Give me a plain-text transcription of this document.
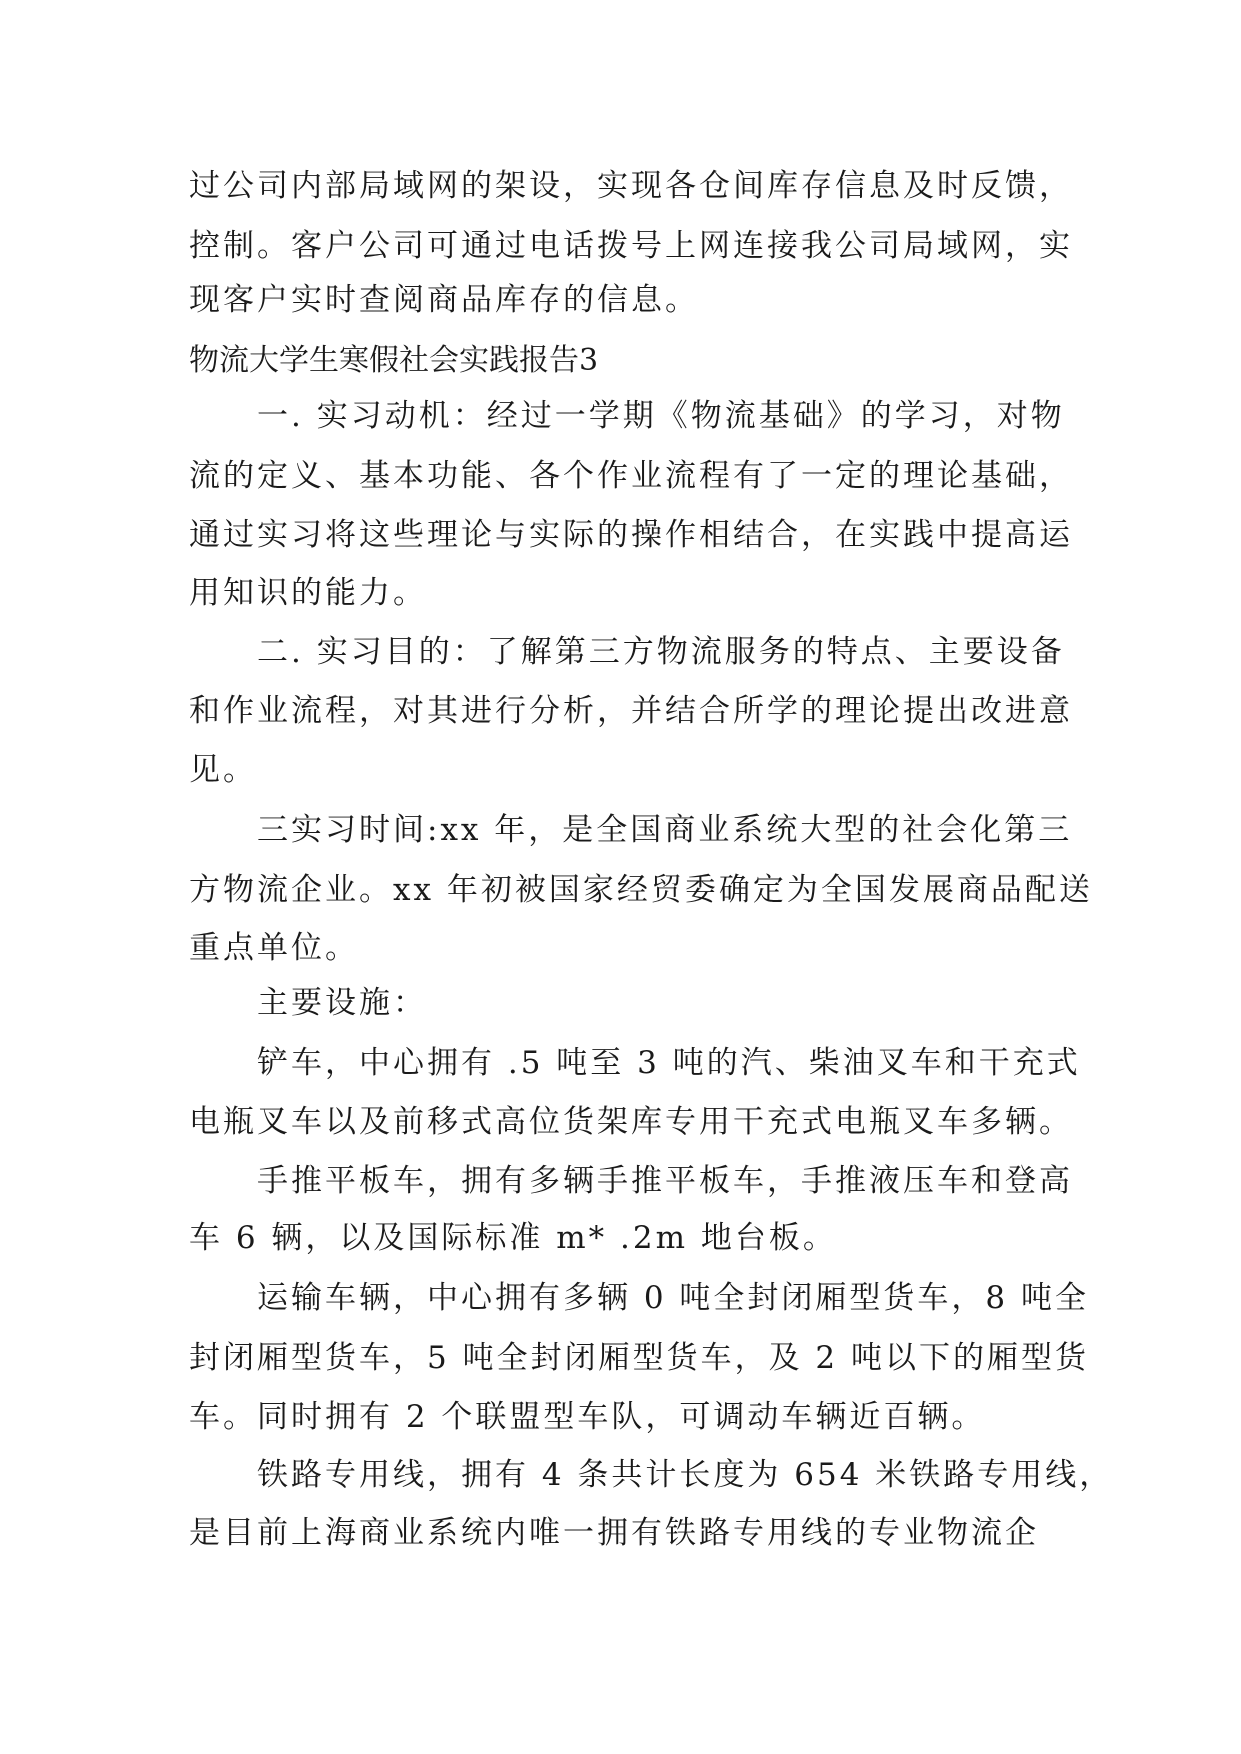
过公司内部局域网的架设，实现各仓间库存信息及时反馈，
控制。客户公司可通过电话拨号上网连接我公司局域网，实
现客户实时查阅商品库存的信息。
物流大学生寒假社会实践报告3
　　一. 实习动机：经过一学期《物流基础》的学习，对物
流的定义、基本功能、各个作业流程有了一定的理论基础，
通过实习将这些理论与实际的操作相结合，在实践中提高运
用知识的能力。
　　二. 实习目的：了解第三方物流服务的特点、主要设备
和作业流程，对其进行分析，并结合所学的理论提出改进意
见。
　　三实习时间:xx 年，是全国商业系统大型的社会化第三
方物流企业。xx 年初被国家经贸委确定为全国发展商品配送
重点单位。
　　主要设施：
　　铲车，中心拥有 .5 吨至 3 吨的汽、柴油叉车和干充式
电瓶叉车以及前移式高位货架库专用干充式电瓶叉车多辆。
　　手推平板车，拥有多辆手推平板车，手推液压车和登高
车 6 辆，以及国际标准 m* .2m 地台板。
　　运输车辆，中心拥有多辆 0 吨全封闭厢型货车，8 吨全
封闭厢型货车，5 吨全封闭厢型货车，及 2 吨以下的厢型货
车。同时拥有 2 个联盟型车队，可调动车辆近百辆。
　　铁路专用线，拥有 4 条共计长度为 654 米铁路专用线，
是目前上海商业系统内唯一拥有铁路专用线的专业物流企
